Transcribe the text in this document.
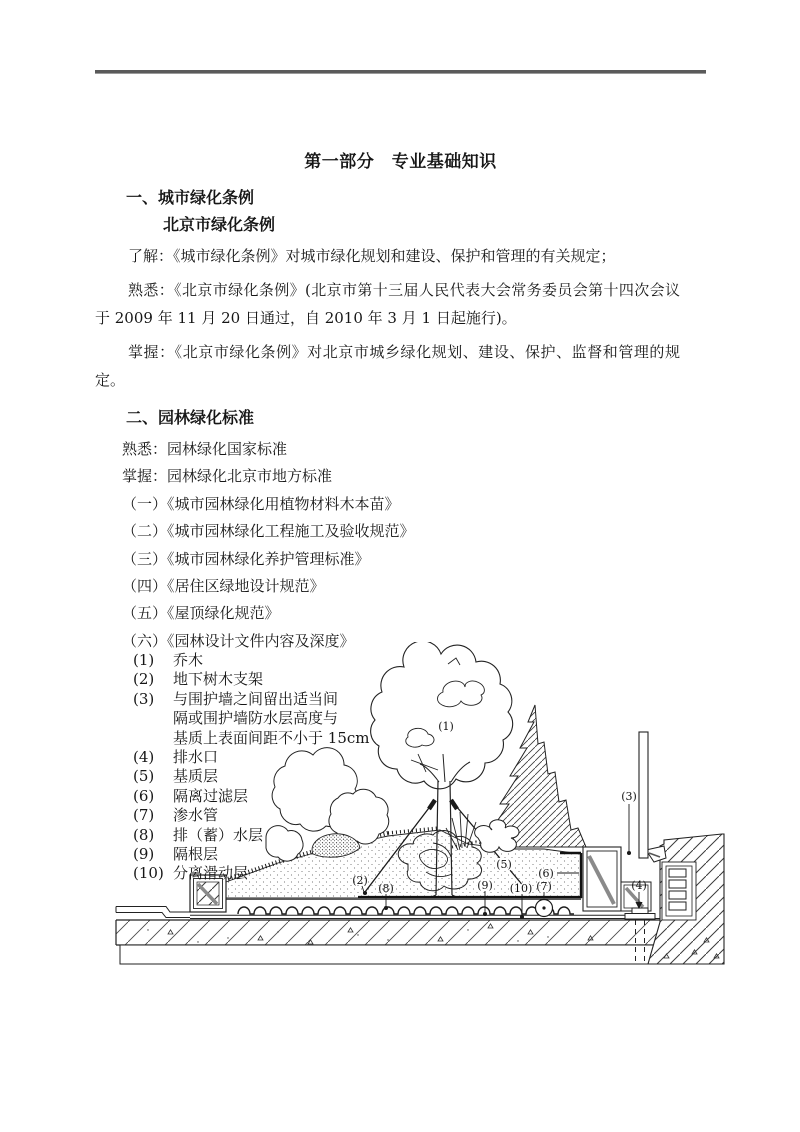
第一部分　专业基础知识
一、城市绿化条例
北京市绿化条例
了解：《城市绿化条例》对城市绿化规划和建设、保护和管理的有关规定；
熟悉：《北京市绿化条例》(北京市第十三届人民代表大会常务委员会第十四次会议于 2009 年 11 月 20 日通过，自 2010 年 3 月 1 日起施行)。
掌握：《北京市绿化条例》对北京市城乡绿化规划、建设、保护、监督和管理的规定。
二、园林绿化标准
熟悉：园林绿化国家标准
掌握：园林绿化北京市地方标准
（一）《城市园林绿化用植物材料木本苗》
（二）《城市园林绿化工程施工及验收规范》
（三）《城市园林绿化养护管理标准》
（四）《居住区绿地设计规范》
（五）《屋顶绿化规范》
（六）《园林设计文件内容及深度》
(1)
(2)
(3)
(4)
(5)
(6)
(7)
(8)	(9) (10)
(1)	乔木
(2)	地下树木支架
(3)	与围护墙之间留出适当间
隔或围护墙防水层高度与
基质上表面间距不小于 15cm
(4)	排水口
(5)	基质层
(6)	隔离过滤层
(7)	渗水管
(8)	排（蓄）水层
(9)	隔根层
(10) 分离滑动层
